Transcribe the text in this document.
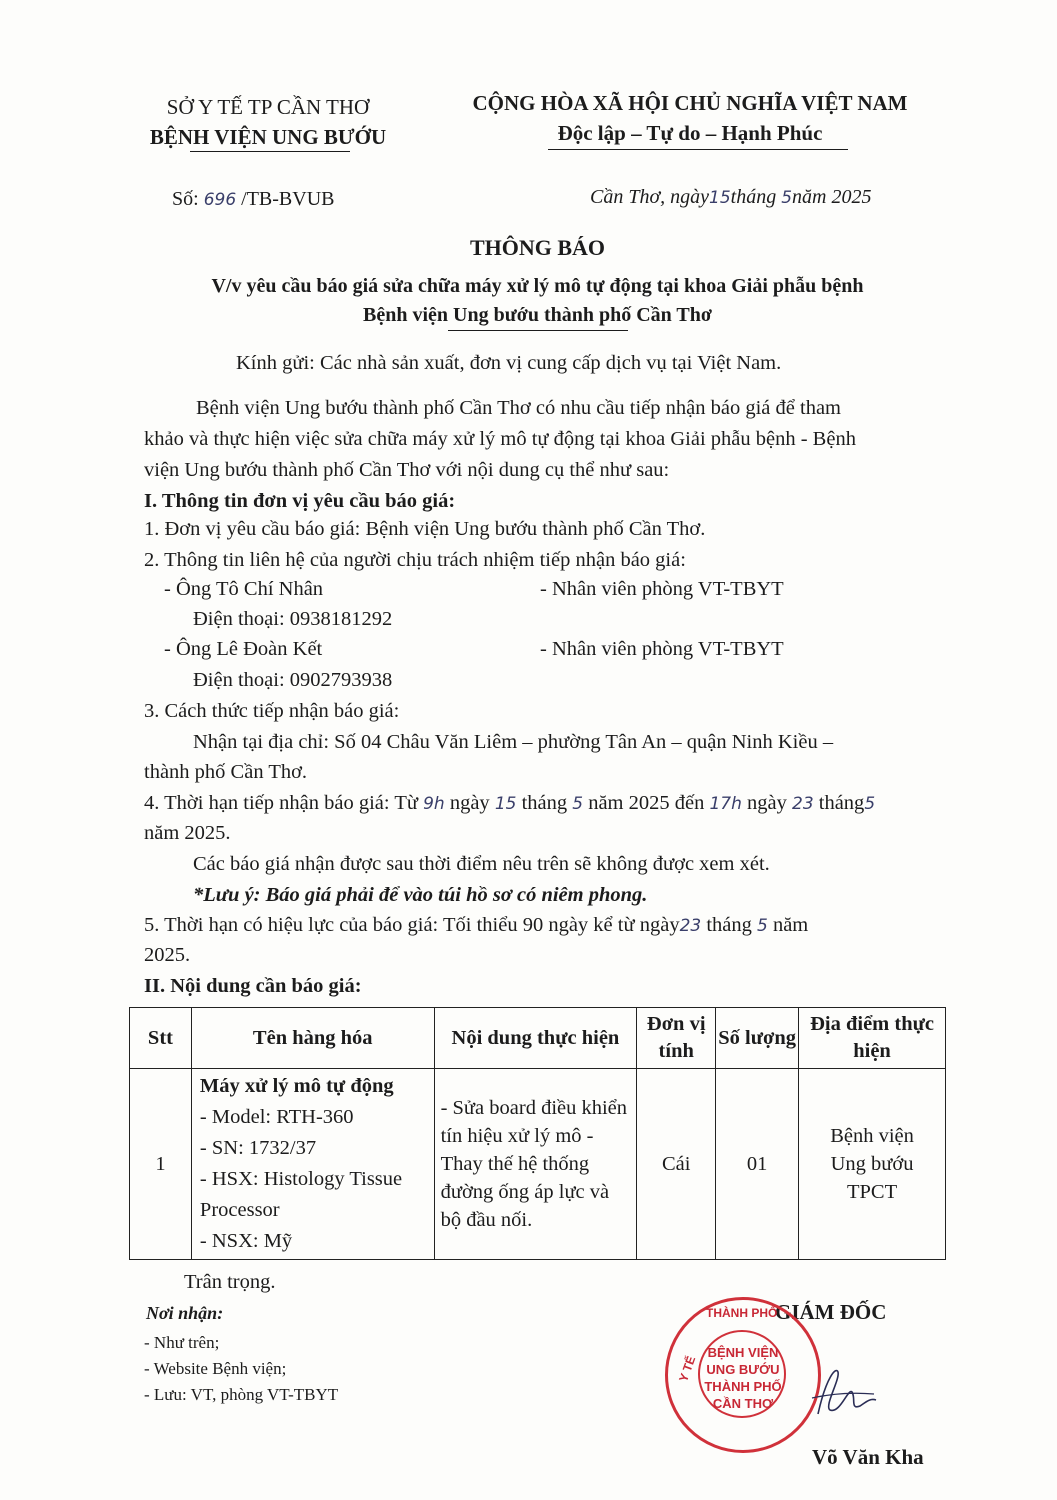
SỞ Y TẾ TP CẦN THƠ
BỆNH VIỆN UNG BƯỚU
CỘNG HÒA XÃ HỘI CHỦ NGHĨA VIỆT NAM
Độc lập – Tự do – Hạnh Phúc
Số: 696 /TB-BVUB	Cần Thơ, ngày15tháng 5năm 2025
THÔNG BÁO
V/v yêu cầu báo giá sửa chữa máy xử lý mô tự động tại khoa Giải phẫu bệnh
Bệnh viện Ung bướu thành phố Cần Thơ
Kính gửi: Các nhà sản xuất, đơn vị cung cấp dịch vụ tại Việt Nam.
Bệnh viện Ung bướu thành phố Cần Thơ có nhu cầu tiếp nhận báo giá để tham
khảo và thực hiện việc sửa chữa máy xử lý mô tự động tại khoa Giải phẫu bệnh - Bệnh
viện Ung bướu thành phố Cần Thơ với nội dung cụ thể như sau:
I. Thông tin đơn vị yêu cầu báo giá:
1. Đơn vị yêu cầu báo giá: Bệnh viện Ung bướu thành phố Cần Thơ.
2. Thông tin liên hệ của người chịu trách nhiệm tiếp nhận báo giá:
- Ông Tô Chí Nhân	- Nhân viên phòng VT-TBYT
Điện thoại: 0938181292
- Ông Lê Đoàn Kết	- Nhân viên phòng VT-TBYT
Điện thoại: 0902793938
3. Cách thức tiếp nhận báo giá:
Nhận tại địa chỉ: Số 04 Châu Văn Liêm – phường Tân An – quận Ninh Kiều –
thành phố Cần Thơ.
4. Thời hạn tiếp nhận báo giá: Từ 9h ngày 15 tháng 5 năm 2025 đến 17h ngày 23 tháng5
năm 2025.
Các báo giá nhận được sau thời điểm nêu trên sẽ không được xem xét.
*Lưu ý: Báo giá phải để vào túi hồ sơ có niêm phong.
5. Thời hạn có hiệu lực của báo giá: Tối thiểu 90 ngày kể từ ngày23 tháng 5 năm
2025.
II. Nội dung cần báo giá:
Stt	Tên hàng hóa	Nội dung thực hiện	Đơn vị tính	Số lượng	Địa điểm thực hiện
1	Máy xử lý mô tự động
- Model: RTH-360
- SN: 1732/37
- HSX: Histology Tissue Processor
- NSX: Mỹ	- Sửa board điều khiển tín hiệu xử lý mô - Thay thế hệ thống đường ống áp lực và bộ đầu nối.	Cái	01	Bệnh viện Ung bướu TPCT
Trân trọng.
Nơi nhận:
- Như trên;
- Website Bệnh viện;
- Lưu: VT, phòng VT-TBYT
GIÁM ĐỐC
Võ Văn Kha
THÀNH PHỐ
Y TẾ
BỆNH VIỆN UNG BƯỚU THÀNH PHỐ CẦN THƠ
